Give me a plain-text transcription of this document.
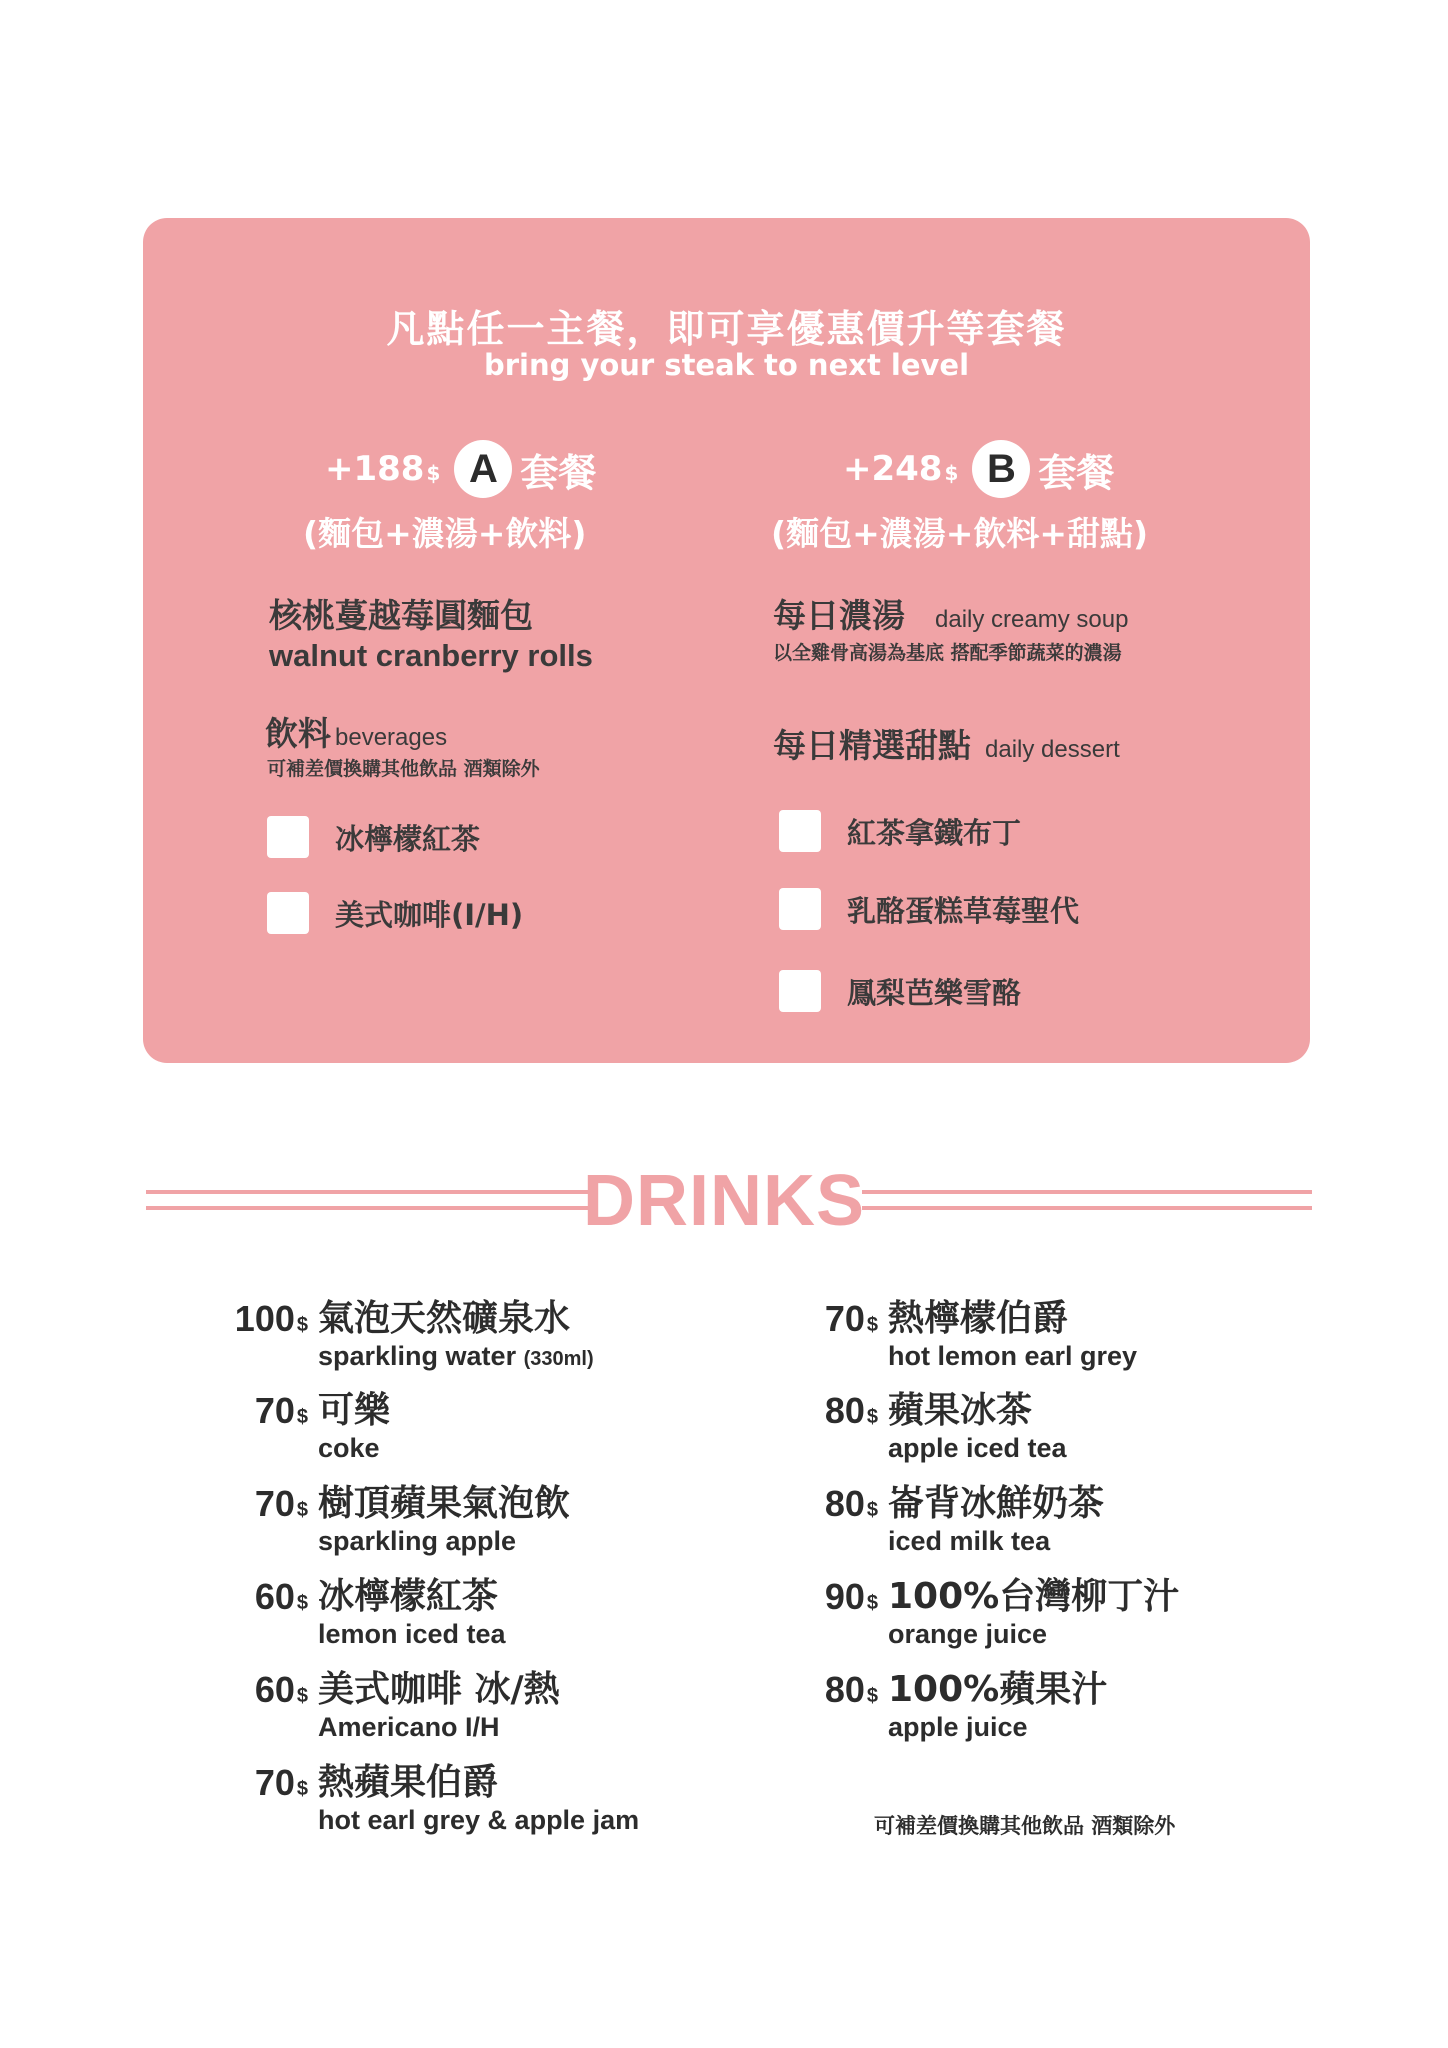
凡點任一主餐，即可享優惠價升等套餐
bring your steak to next level
+188 $ A 套餐
(麵包+濃湯+飲料)
+248 $ B 套餐
(麵包+濃湯+飲料+甜點)
核桃蔓越莓圓麵包
walnut cranberry rolls
飲料 beverages
可補差價換購其他飲品 酒類除外
冰檸檬紅茶
美式咖啡(I/H)
每日濃湯 daily creamy soup
以全雞骨高湯為基底 搭配季節蔬菜的濃湯
每日精選甜點 daily dessert
紅茶拿鐵布丁
乳酪蛋糕草莓聖代
鳳梨芭樂雪酪
DRINKS
100 $ 氣泡天然礦泉水
sparkling water (330ml)
70 $ 可樂
coke
70 $ 樹頂蘋果氣泡飲
sparkling apple
60 $ 冰檸檬紅茶
lemon iced tea
60 $ 美式咖啡 冰/熱
Americano I/H
70 $ 熱蘋果伯爵
hot earl grey & apple jam
70 $ 熱檸檬伯爵
hot lemon earl grey
80 $ 蘋果冰茶
apple iced tea
80 $ 崙背冰鮮奶茶
iced milk tea
90 $ 100%台灣柳丁汁
orange juice
80 $ 100%蘋果汁
apple juice
可補差價換購其他飲品 酒類除外
